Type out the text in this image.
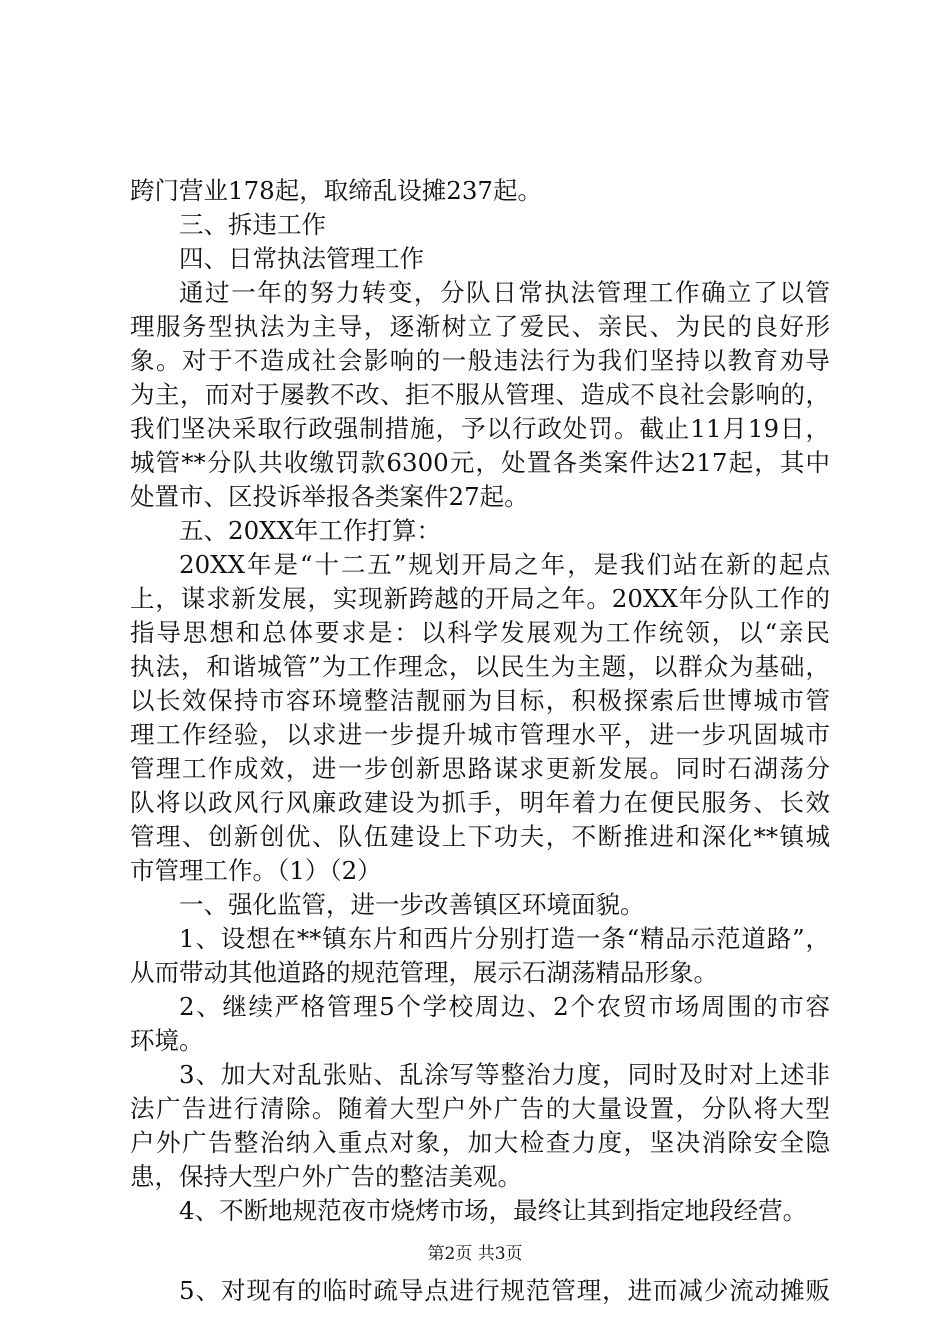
跨门营业178起，取缔乱设摊237起。
三、拆违工作
四、日常执法管理工作
通过一年的努力转变，分队日常执法管理工作确立了以管
理服务型执法为主导，逐渐树立了爱民、亲民、为民的良好形
象。对于不造成社会影响的一般违法行为我们坚持以教育劝导
为主，而对于屡教不改、拒不服从管理、造成不良社会影响的，
我们坚决采取行政强制措施，予以行政处罚。截止11月19日，
城管**分队共收缴罚款6300元，处置各类案件达217起，其中
处置市、区投诉举报各类案件27起。
五、20XX年工作打算：
20XX年是“十二五”规划开局之年，是我们站在新的起点
上，谋求新发展，实现新跨越的开局之年。20XX年分队工作的
指导思想和总体要求是：以科学发展观为工作统领，以“亲民
执法，和谐城管”为工作理念，以民生为主题，以群众为基础，
以长效保持市容环境整洁靓丽为目标，积极探索后世博城市管
理工作经验，以求进一步提升城市管理水平，进一步巩固城市
管理工作成效，进一步创新思路谋求更新发展。同时石湖荡分
队将以政风行风廉政建设为抓手，明年着力在便民服务、长效
管理、创新创优、队伍建设上下功夫，不断推进和深化**镇城
市管理工作。（1）（2）
一、强化监管，进一步改善镇区环境面貌。
1、设想在**镇东片和西片分别打造一条“精品示范道路”，
从而带动其他道路的规范管理，展示石湖荡精品形象。
2、继续严格管理5个学校周边、2个农贸市场周围的市容
环境。
3、加大对乱张贴、乱涂写等整治力度，同时及时对上述非
法广告进行清除。随着大型户外广告的大量设置，分队将大型
户外广告整治纳入重点对象，加大检查力度，坚决消除安全隐
患，保持大型户外广告的整洁美观。
4、不断地规范夜市烧烤市场，最终让其到指定地段经营。
5、对现有的临时疏导点进行规范管理，进而减少流动摊贩
第2页 共3页
